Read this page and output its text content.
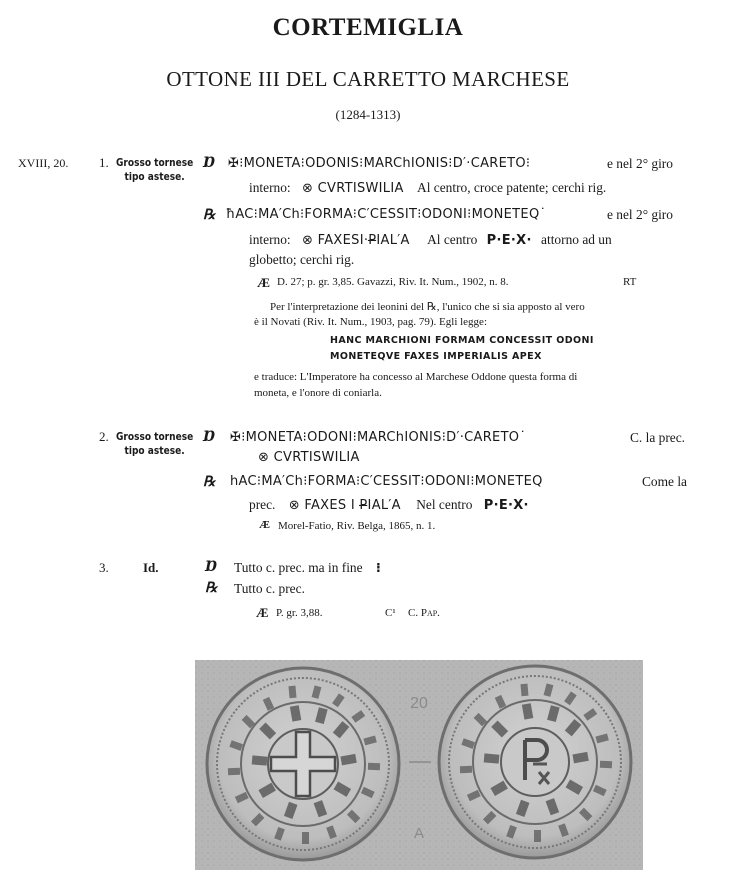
CORTEMIGLIA
OTTONE III DEL CARRETTO MARCHESE
(1284-1313)
XVIII, 20. 1. Grosso tornese
tipo astese.
Ɒ ✠⁝MONETA⁝ODONIS⁝MARChIONIS⁝D′·CARETO⁝	e nel 2° giro
interno: ⊗ CVRTISWILIA Al centro, croce patente; cerchi rig.
℞ ħAC⁝MA′Ch⁝FORMA⁝C′CESSIT⁝ODONI⁝MONETEQ˙	e nel 2° giro
interno: ⊗ FAXESI·P̶IAL′A Al centro P·E·X· attorno ad un
globetto; cerchi rig.
Æ D. 27; p. gr. 3,85. Gavazzi, Riv. It. Num., 1902, n. 8.	RT
Per l'interpretazione dei leonini del ℞, l'unico che si sia apposto al vero
è il Novati (Riv. It. Num., 1903, pag. 79). Egli legge:
HANC MARCHIONI FORMAM CONCESSIT ODONI
MONETEQVE FAXES IMPERIALIS APEX
e traduce: L'Imperatore ha concesso al Marchese Oddone questa forma di
moneta, e l'onore di coniarla.
2. Grosso tornese
tipo astese.
Ɒ ✠⁝MONETA⁝ODONI⁝MARChIONIS⁝D′·CARETO˙	C. la prec.
⊗ CVRTISWILIA
℞ hAC⁝MA′Ch⁝FORMA⁝C′CESSIT⁝ODONI⁝MONETEQ	Come la
prec. ⊗ FAXES I P̶IAL′A Nel centro P·E·X·
Æ Morel-Fatio, Riv. Belga, 1865, n. 1.
3.	Id.	Ɒ Tutto c. prec. ma in fine ⁝
℞ Tutto c. prec.
Æ P. gr. 3,88.	C¹ C. Pap.
20
A
